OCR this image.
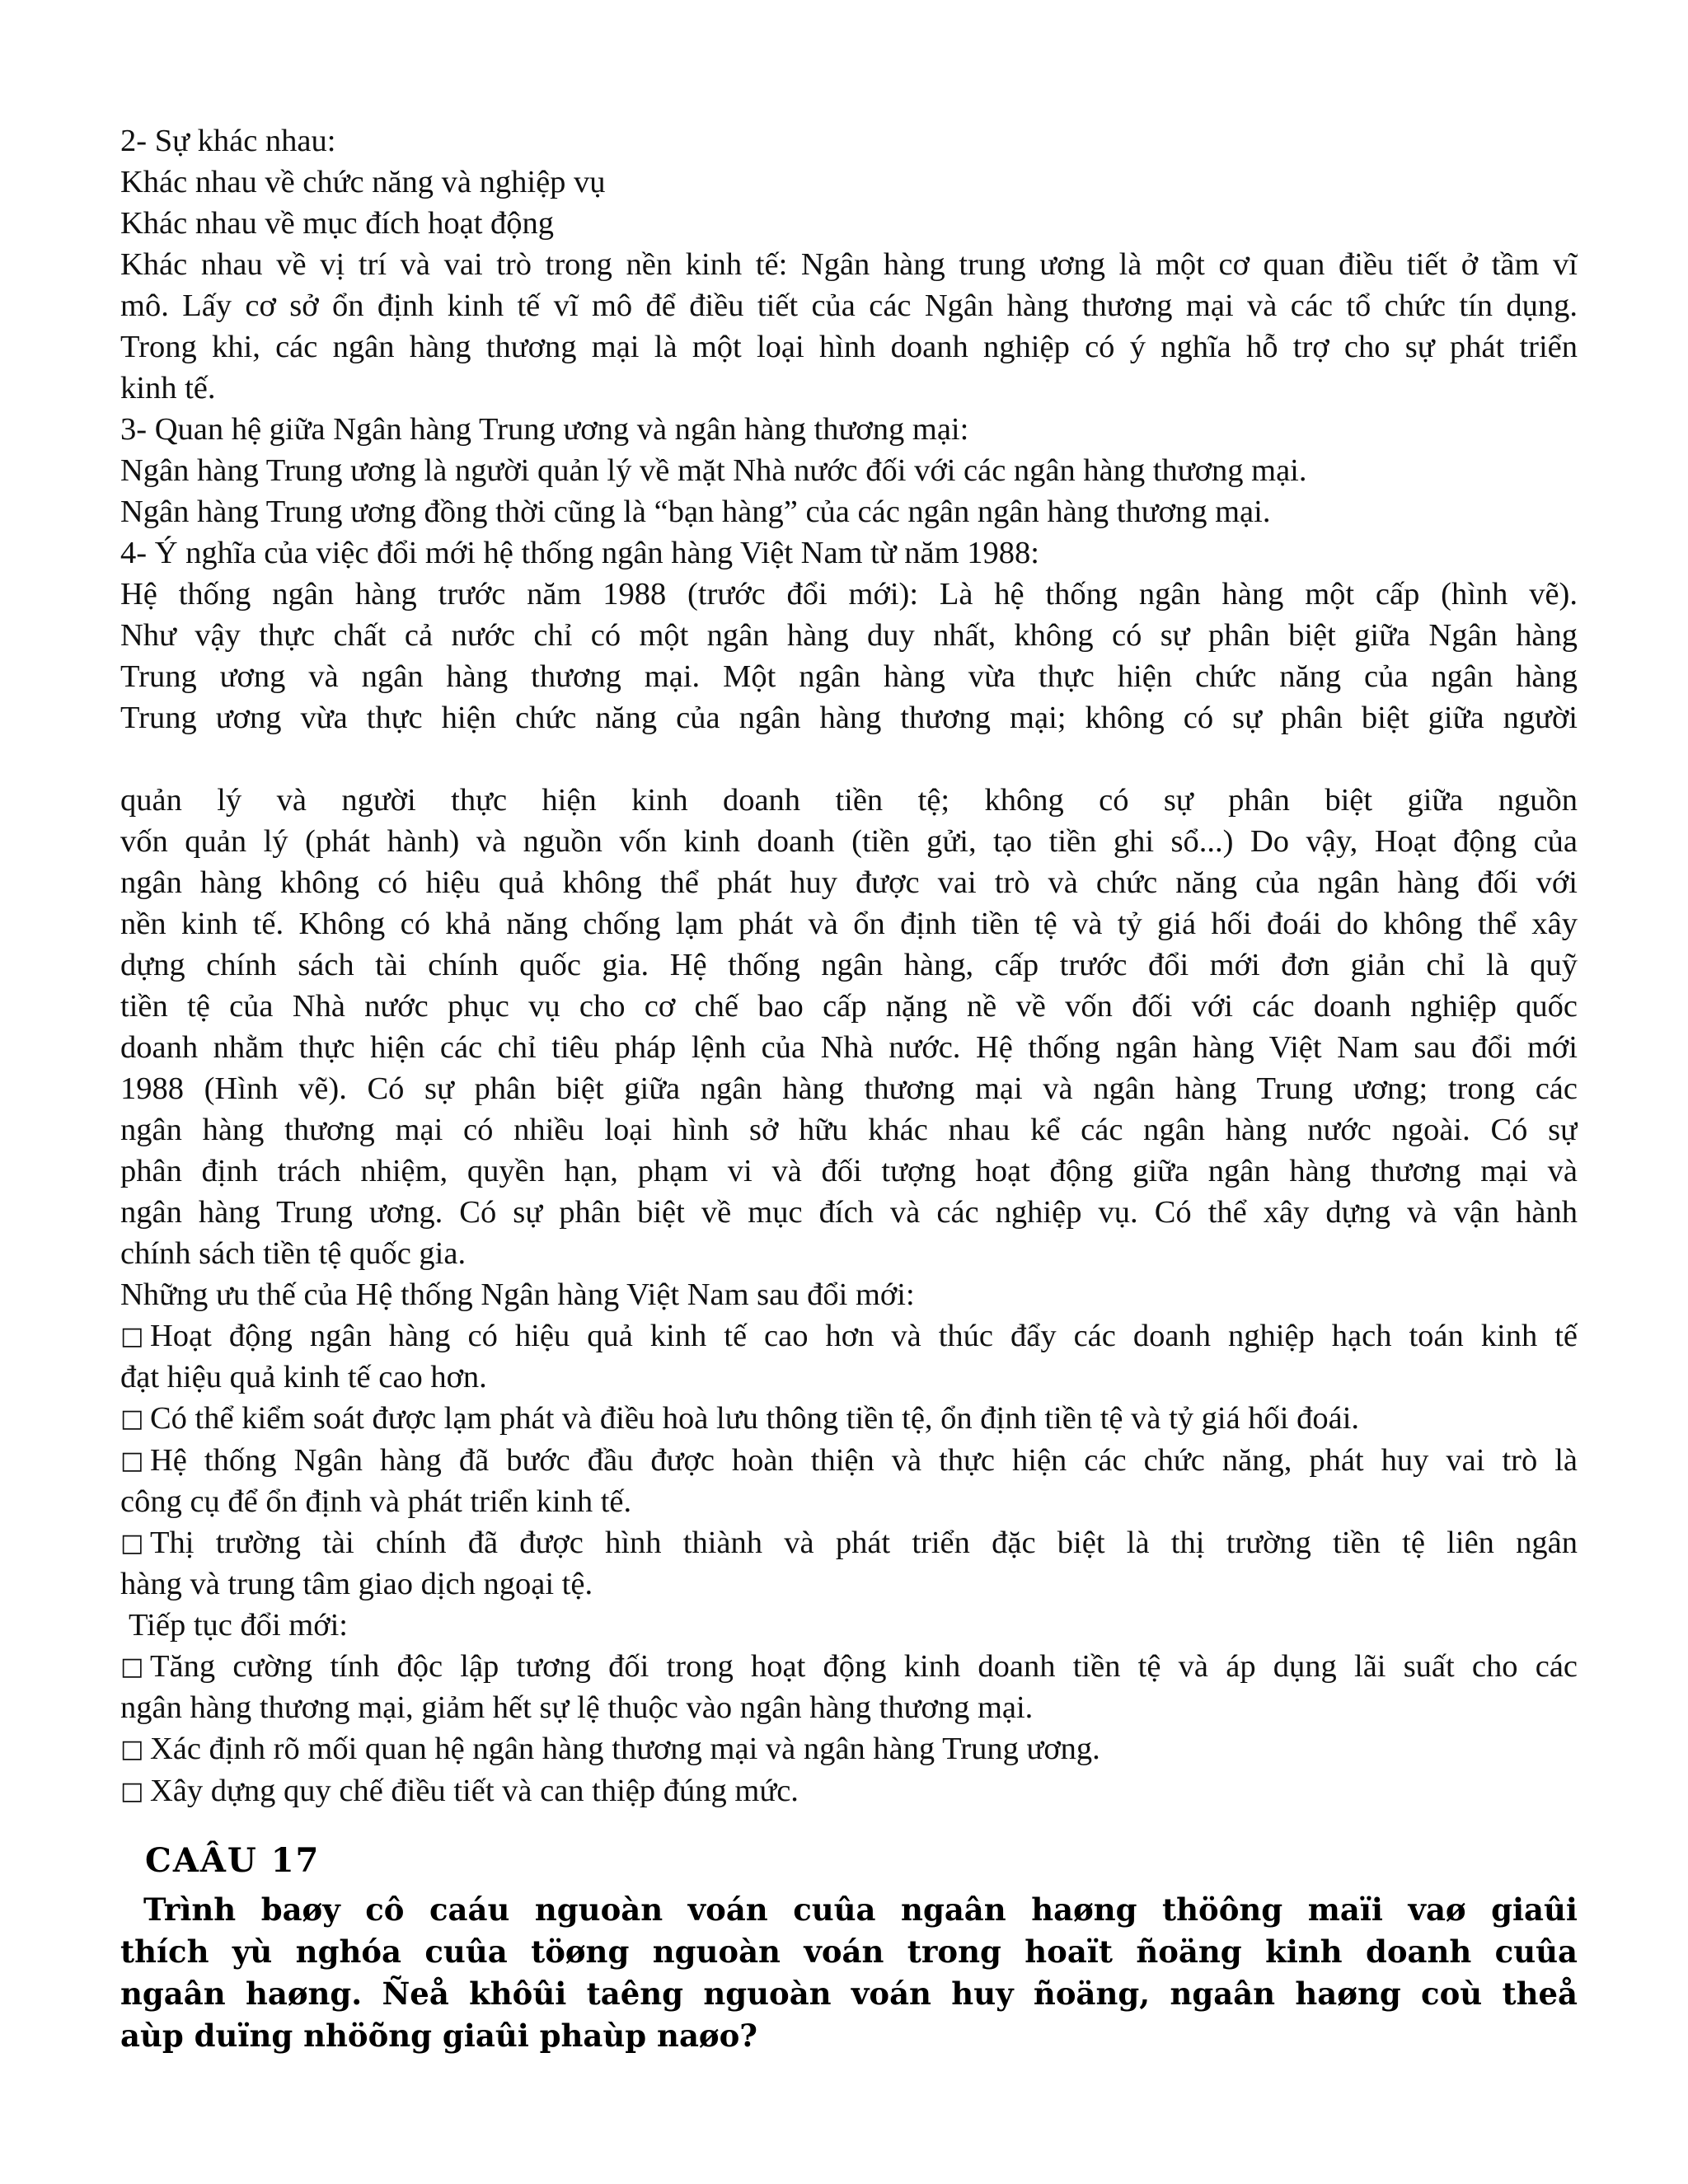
2- Sự khác nhau:
Khác nhau về chức năng và nghiệp vụ
Khác nhau về mục đích hoạt động
Khác nhau về vị trí và vai trò trong nền kinh tế: Ngân hàng trung ương là một cơ quan điều tiết ở tầm vĩ
mô. Lấy cơ sở ổn định kinh tế vĩ mô để điều tiết của các Ngân hàng thương mại và các tổ chức tín dụng.
Trong khi, các ngân hàng thương mại là một loại hình doanh nghiệp có ý nghĩa hỗ trợ cho sự phát triển
kinh tế.
3- Quan hệ giữa Ngân hàng Trung ương và ngân hàng thương mại:
Ngân hàng Trung ương là người quản lý về mặt Nhà nước đối với các ngân hàng thương mại.
Ngân hàng Trung ương đồng thời cũng là “bạn hàng” của các ngân ngân hàng thương mại.
4- Ý nghĩa của việc đổi mới hệ thống ngân hàng Việt Nam từ năm 1988:
Hệ thống ngân hàng trước năm 1988 (trước đổi mới): Là hệ thống ngân hàng một cấp (hình vẽ).
Như vậy thực chất cả nước chỉ có một ngân hàng duy nhất, không có sự phân biệt giữa Ngân hàng
Trung ương và ngân hàng thương mại. Một ngân hàng vừa thực hiện chức năng của ngân hàng
Trung ương vừa thực hiện chức năng của ngân hàng thương mại; không có sự phân biệt giữa người
quản lý và người thực hiện kinh doanh tiền tệ; không có sự phân biệt giữa nguồn
vốn quản lý (phát hành) và nguồn vốn kinh doanh (tiền gửi, tạo tiền ghi sổ...) Do vậy, Hoạt động của
ngân hàng không có hiệu quả không thể phát huy được vai trò và chức năng của ngân hàng đối với
nền kinh tế. Không có khả năng chống lạm phát và ổn định tiền tệ và tỷ giá hối đoái do không thể xây
dựng chính sách tài chính quốc gia. Hệ thống ngân hàng, cấp trước đổi mới đơn giản chỉ là quỹ
tiền tệ của Nhà nước phục vụ cho cơ chế bao cấp nặng nề về vốn đối với các doanh nghiệp quốc
doanh nhằm thực hiện các chỉ tiêu pháp lệnh của Nhà nước. Hệ thống ngân hàng Việt Nam sau đổi mới
1988 (Hình vẽ). Có sự phân biệt giữa ngân hàng thương mại và ngân hàng Trung ương; trong các
ngân hàng thương mại có nhiều loại hình sở hữu khác nhau kể các ngân hàng nước ngoài. Có sự
phân định trách nhiệm, quyền hạn, phạm vi và đối tượng hoạt động giữa ngân hàng thương mại và
ngân hàng Trung ương. Có sự phân biệt về mục đích và các nghiệp vụ. Có thể xây dựng và vận hành
chính sách tiền tệ quốc gia.
Những ưu thế của Hệ thống Ngân hàng Việt Nam sau đổi mới:
□ Hoạt động ngân hàng có hiệu quả kinh tế cao hơn và thúc đẩy các doanh nghiệp hạch toán kinh tế
đạt hiệu quả kinh tế cao hơn.
□ Có thể kiểm soát được lạm phát và điều hoà lưu thông tiền tệ, ổn định tiền tệ và tỷ giá hối đoái.
□ Hệ thống Ngân hàng đã bước đầu được hoàn thiện và thực hiện các chức năng, phát huy vai trò là
công cụ để ổn định và phát triển kinh tế.
□ Thị trường tài chính đã được hình thiành và phát triển đặc biệt là thị trường tiền tệ liên ngân
hàng và trung tâm giao dịch ngoại tệ.
Tiếp tục đổi mới:
□ Tăng cường tính độc lập tương đối trong hoạt động kinh doanh tiền tệ và áp dụng lãi suất cho các
ngân hàng thương mại, giảm hết sự lệ thuộc vào ngân hàng thương mại.
□ Xác định rõ mối quan hệ ngân hàng thương mại và ngân hàng Trung ương.
□ Xây dựng quy chế điều tiết và can thiệp đúng mức.
CAÂU 17
Trình baøy cô caáu nguoàn voán cuûa ngaân haøng thöông maïi vaø giaûi
thích yù nghóa cuûa töøng nguoàn voán trong hoaït ñoäng kinh doanh cuûa
ngaân haøng. Ñeå khôûi taêng nguoàn voán huy ñoäng, ngaân haøng coù theå
aùp duïng nhöõng giaûi phaùp naøo?
